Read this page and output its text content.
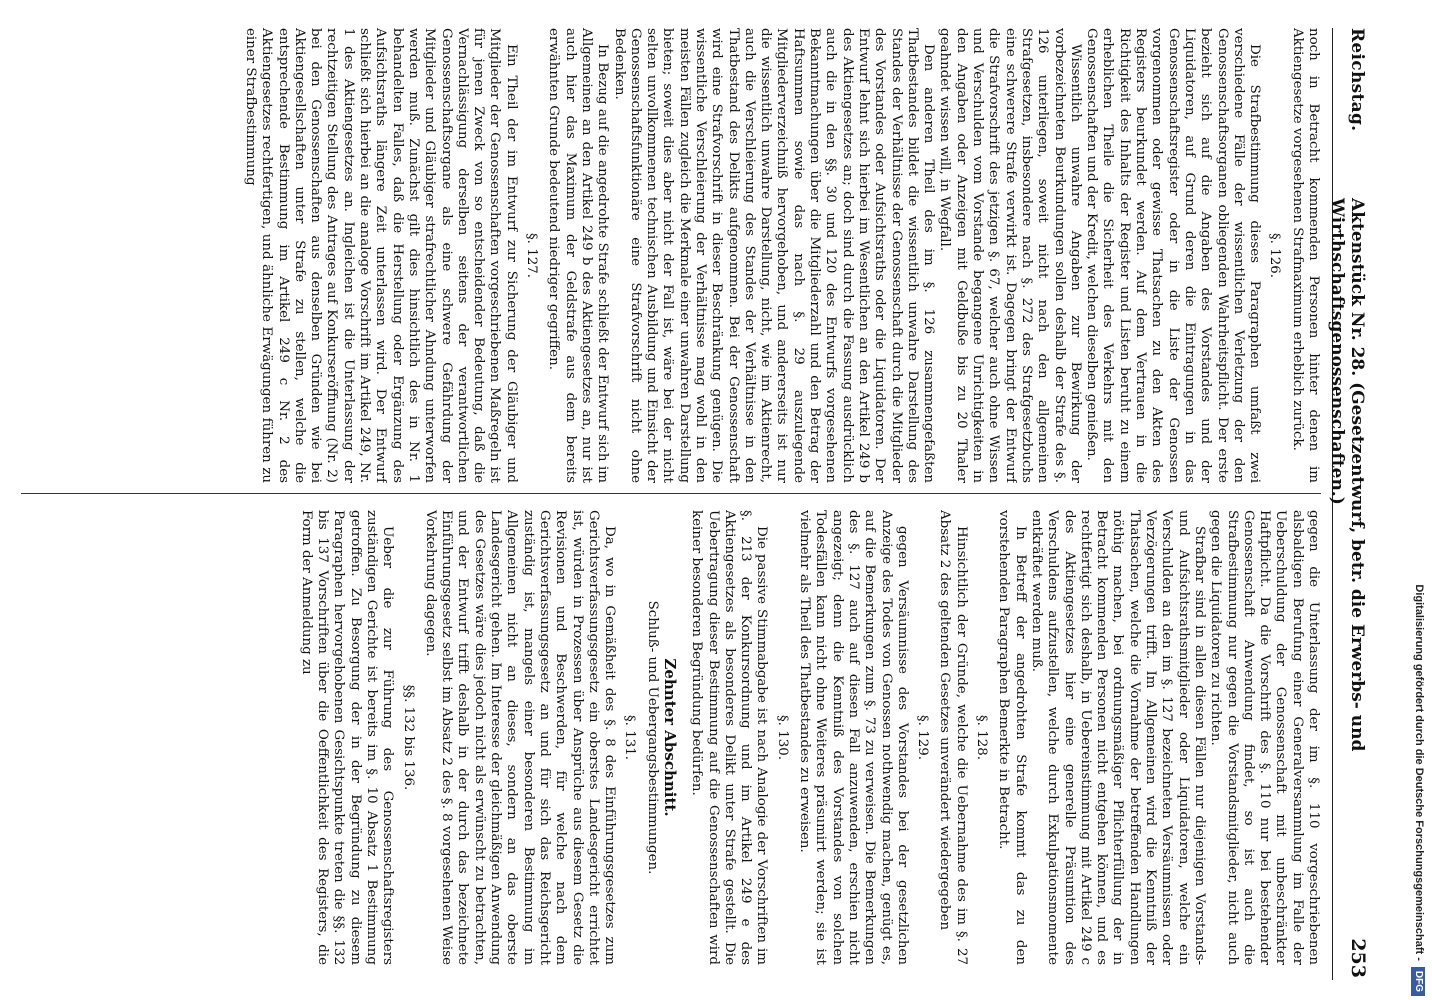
Reichstag.
Aktenstück Nr. 28. (Gesetzentwurf, betr. die Erwerbs- und Wirthschaftsgenossenschaften.)
253
noch in Betracht kommenden Personen hinter denen im Aktiengesetze vorgesehenen Strafmaximum erheblich zurück.
§. 126.
Die Strafbestimmung dieses Paragraphen umfaßt zwei verschiedene Fälle der wissentlichen Verletzung der den Genossenschaftsorganen obliegenden Wahrheitspflicht. Der erste bezieht sich auf die Angaben des Vorstandes und der Liquidatoren, auf Grund deren die Eintragungen in das Genossenschaftsregister oder in die Liste der Genossen vorgenommen oder gewisse Thatsachen zu den Akten des Registers beurkundet werden. Auf dem Vertrauen in die Richtigkeit des Inhalts der Register und Listen beruht zu einem erheblichen Theile die Sicherheit des Verkehrs mit den Genossenschaften und der Kredit, welchen dieselben genießen.
Wissentlich unwahre Angaben zur Bewirkung der vorbezeichneten Beurkundungen sollen deshalb der Strafe des §. 126 unterliegen, soweit nicht nach den allgemeinen Strafgesetzen, insbesondere nach §. 272 des Strafgesetzbuchs eine schwerere Strafe verwirkt ist. Dagegen bringt der Entwurf die Strafvorschrift des jetzigen §. 67, welcher auch ohne Wissen und Verschulden vom Vorstande begangene Unrichtigkeiten in den Angaben oder Anzeigen mit Geldbuße bis zu 20 Thaler geahndet wissen will, in Wegfall.
Den anderen Theil des im §. 126 zusammengefaßten Thatbestandes bildet die wissentlich unwahre Darstellung des Standes der Verhältnisse der Genossenschaft durch die Mitglieder des Vorstandes oder Aufsichtsraths oder die Liquidatoren. Der Entwurf lehnt sich hierbei im Wesentlichen an den Artikel 249 b des Aktiengesetzes an; doch sind durch die Fassung ausdrücklich auch die in den §§. 30 und 120 des Entwurfs vorgesehenen Bekanntmachungen über die Mitgliederzahl und den Betrag der Haftsummen sowie das nach §. 29 auszulegende Mitgliederverzeichniß hervorgehoben, und andererseits ist nur die wissentlich unwahre Darstellung, nicht, wie im Aktienrecht, auch die Verschleierung des Standes der Verhältnisse in den Thatbestand des Delikts aufgenommen. Bei der Genossenschaft wird eine Strafvorschrift in dieser Beschränkung genügen. Die wissentliche Verschleierung der Verhältnisse mag wohl in den meisten Fällen zugleich die Merkmale einer unwahren Darstellung bieten; soweit dies aber nicht der Fall ist, wäre bei der nicht selten unvollkommenen technischen Ausbildung und Einsicht der Genossenschaftsfunktionäre eine Strafvorschrift nicht ohne Bedenken.
In Bezug auf die angedrohte Strafe schließt der Entwurf sich im Allgemeinen an den Artikel 249 b des Aktiengesetzes an, nur ist auch hier das Maximum der Geldstrafe aus dem bereits erwähnten Grunde bedeutend niedriger gegriffen.
§. 127.
Ein Theil der im Entwurf zur Sicherung der Gläubiger und Mitglieder der Genossenschaften vorgeschriebenen Maßregeln ist für jenen Zweck von so entscheidender Bedeutung, daß die Vernachlässigung derselben seitens der verantwortlichen Genossenschaftsorgane als eine schwere Gefährdung der Mitglieder und Gläubiger strafrechtlicher Ahndung unterworfen werden muß. Zunächst gilt dies hinsichtlich des in Nr. 1 behandelten Falles, daß die Herstellung oder Ergänzung des Aufsichtsraths längere Zeit unterlassen wird. Der Entwurf schließt sich hierbei an die analoge Vorschrift im Artikel 249, Nr. 1 des Aktiengesetzes an. Ingleichen ist die Unterlassung der rechtzeitigen Stellung des Antrages auf Konkurseröffnung (Nr. 2) bei den Genossenschaften aus denselben Gründen wie bei Aktiengesellschaften unter Strafe zu stellen, welche die entsprechende Bestimmung im Artikel 249 c Nr. 2 des Aktiengesetzes rechtfertigen, und ähnliche Erwägungen führen zu einer Strafbestimmung
gegen die Unterlassung der im §. 110 vorgeschriebenen alsbaldigen Berufung einer Generalversammlung im Falle der Ueberschuldung der Genossenschaft mit unbeschränkter Haftpflicht. Da die Vorschrift des §. 110 nur bei bestehender Genossenschaft Anwendung findet, so ist auch die Strafbestimmung nur gegen die Vorstandsmitglieder, nicht auch gegen die Liquidatoren zu richten.
Strafbar sind in allen diesen Fällen nur diejenigen Vorstands- und Aufsichtsrathsmitglieder oder Liquidatoren, welche ein Verschulden an den im §. 127 bezeichneten Versäumnissen oder Verzögerungen trifft. Im Allgemeinen wird die Kenntniß der Thatsachen, welche die Vornahme der betreffenden Handlungen nöthig machen, bei ordnungsmäßiger Pflichterfüllung der in Betracht kommenden Personen nicht entgehen können, und es rechtfertigt sich deshalb, in Uebereinstimmung mit Artikel 249 c des Aktiengesetzes hier eine generelle Präsumtion des Verschuldens aufzustellen, welche durch Exkulpationsmomente entkräftet werden muß.
In Betreff der angedrohten Strafe kommt das zu den vorstehenden Paragraphen Bemerkte in Betracht.
§. 128.
Hinsichtlich der Gründe, welche die Uebernahme des im §. 27 Absatz 2 des geltenden Gesetzes unverändert wiedergegeben
§. 129.
gegen Versäumnisse des Vorstandes bei der gesetzlichen Anzeige des Todes von Genossen nothwendig machen, genügt es, auf die Bemerkungen zum §. 73 zu verweisen. Die Bemerkungen des §. 127 auch auf diesen Fall anzuwenden, erschien nicht angezeigt; denn die Kenntniß des Vorstandes von solchen Todesfällen kann nicht ohne Weiteres präsumirt werden; sie ist vielmehr als Theil des Thatbestandes zu erweisen.
§. 130.
Die passive Stimmabgabe ist nach Analogie der Vorschriften im §. 213 der Konkursordnung und im Artikel 249 e des Aktiengesetzes als besonderes Delikt unter Strafe gestellt. Die Uebertragung dieser Bestimmung auf die Genossenschaften wird keiner besonderen Begründung bedürfen.
Zehnter Abschnitt.
Schluß- und Uebergangsbestimmungen.
§. 131.
Da, wo in Gemäßheit des §. 8 des Einführungsgesetzes zum Gerichtsverfassungsgesetz ein oberstes Landesgericht errichtet ist, würden in Prozessen über Ansprüche aus diesem Gesetz die Revisionen und Beschwerden, für welche nach dem Gerichtsverfassungsgesetz an und für sich das Reichsgericht zuständig ist, mangels einer besonderen Bestimmung im Allgemeinen nicht an dieses, sondern an das oberste Landesgericht gehen. Im Interesse der gleichmäßigen Anwendung des Gesetzes wäre dies jedoch nicht als erwünscht zu betrachten, und der Entwurf trifft deshalb in der durch das bezeichnete Einführungsgesetz selbst im Absatz 2 des §. 8 vorgesehenen Weise Vorkehrung dagegen.
§§. 132 bis 136.
Ueber die zur Führung des Genossenschaftsregisters zuständigen Gerichte ist bereits im §. 10 Absatz 1 Bestimmung getroffen. Zu Besorgung der in der Begründung zu diesem Paragraphen hervorgehobenen Gesichtspunkte treten die §§. 132 bis 137 Vorschriften über die Oeffentlichkeit des Registers, die Form der Anmeldung zu	Digitalisierung gefördert durch die Deutsche Forschungsgemeinschaft -DFG
